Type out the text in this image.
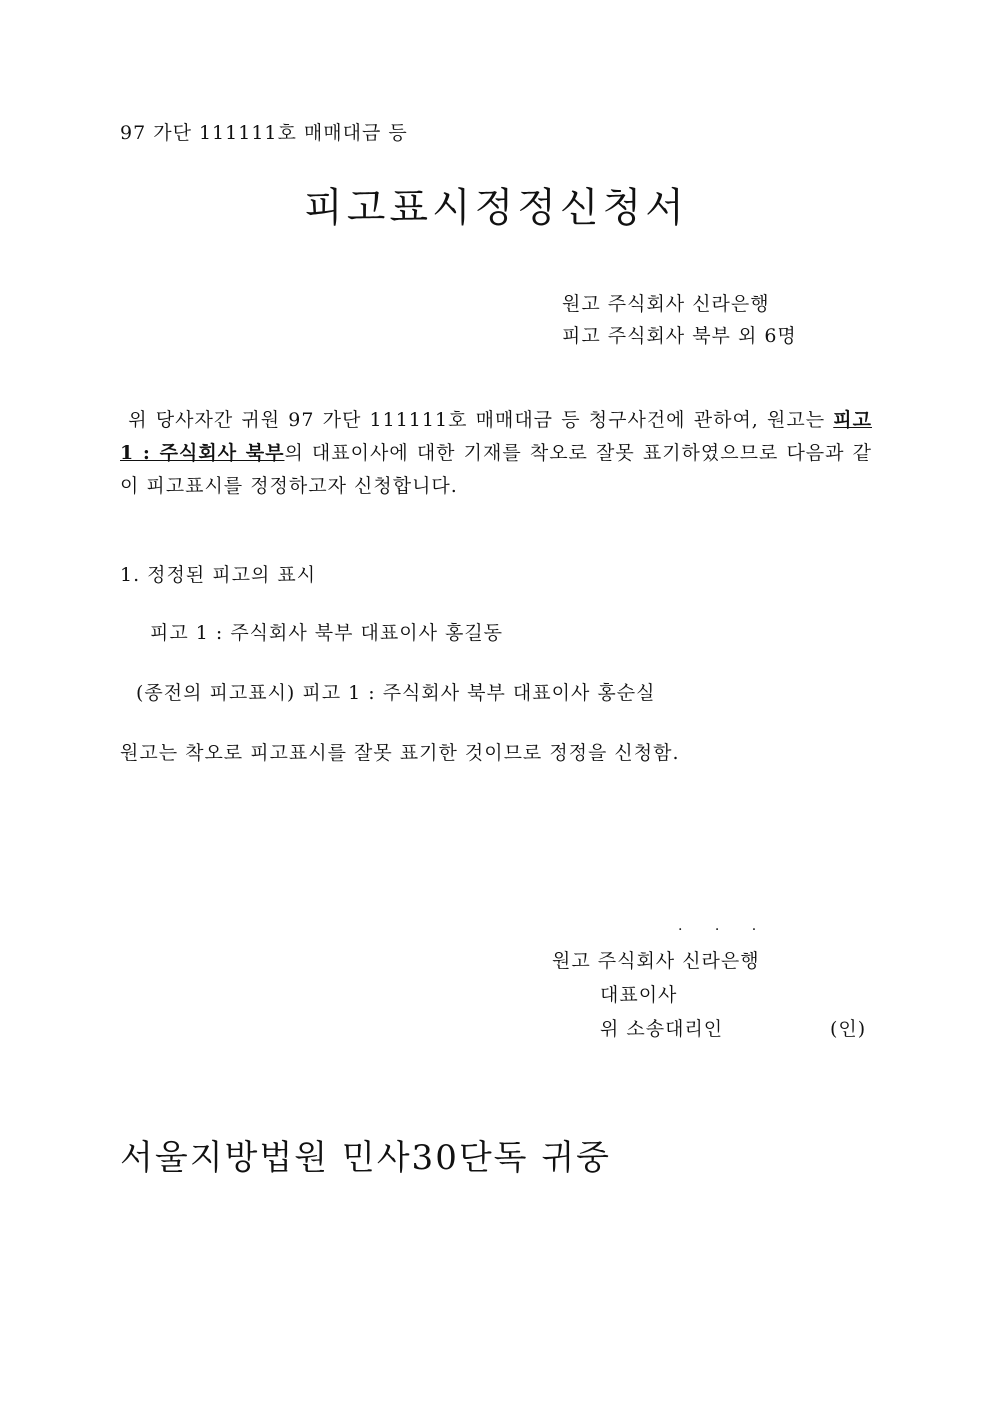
97 가단 111111호 매매대금 등
피고표시정정신청서
원고 주식회사 신라은행
피고 주식회사 북부 외 6명
위 당사자간 귀원 97 가단 111111호 매매대금 등 청구사건에 관하여, 원고는 피고 1 : 주식회사 북부의 대표이사에 대한 기재를 착오로 잘못 표기하였으므로 다음과 같이 피고표시를 정정하고자 신청합니다.
1. 정정된 피고의 표시
피고 1 : 주식회사 북부 대표이사 홍길동
(종전의 피고표시) 피고 1 : 주식회사 북부 대표이사 홍순실
원고는 착오로 피고표시를 잘못 표기한 것이므로 정정을 신청함.
. . .
원고 주식회사 신라은행
대표이사
위 소송대리인	(인)
서울지방법원 민사30단독 귀중
